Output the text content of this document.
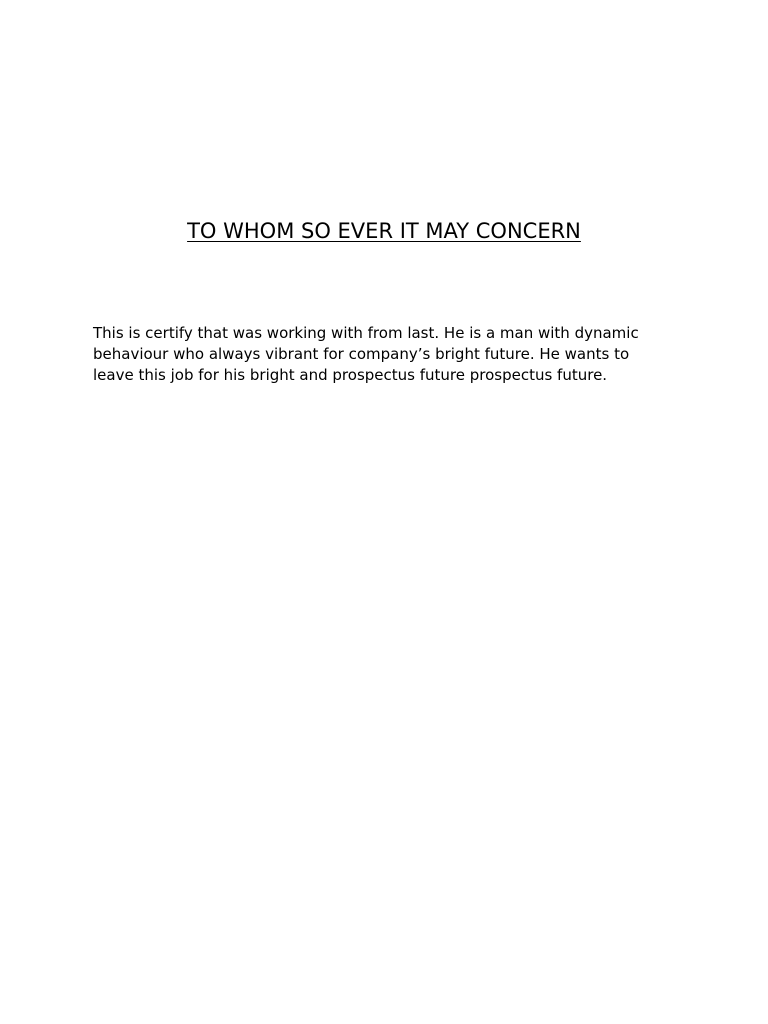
TO WHOM SO EVER IT MAY CONCERN

This is certify that was working with from last. He is a man with dynamic
behaviour who always vibrant for company’s bright future. He wants to
leave this job for his bright and prospectus future prospectus future.
